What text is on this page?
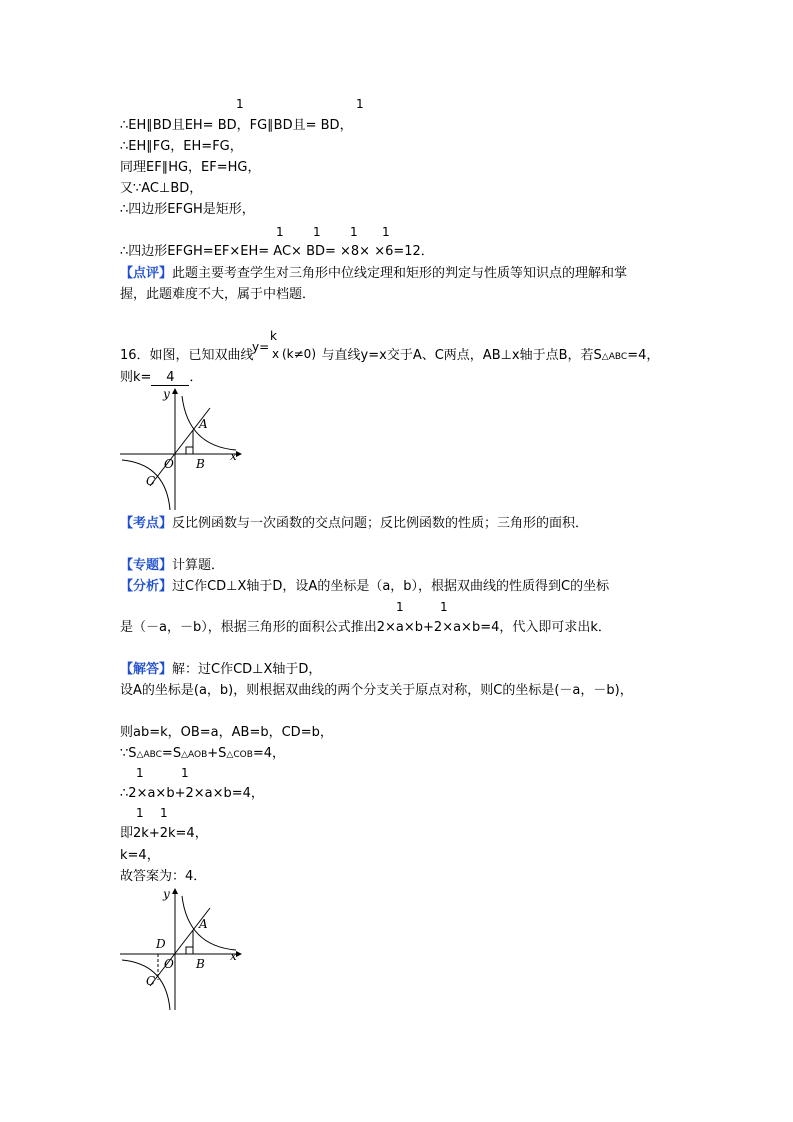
1	1
∴EH∥BD且EH= BD，FG∥BD且= BD，
∴EH∥FG，EH=FG，
同理EF∥HG，EF=HG，
又∵AC⊥BD，
∴四边形EFGH是矩形，
1 1 1 1
∴四边形EFGH=EF×EH= AC× BD= ×8× ×6=12．
【点评】此题主要考查学生对三角形中位线定理和矩形的判定与性质等知识点的理解和掌
握，此题难度不大，属于中档题．
y=
k
x (k≠0)
16．如图，已知双曲线	与直线y=x交于A、C两点，AB⊥x轴于点B，若S△ABC=4，
则k= 4 ．
y
x
A
O B
C
【考点】反比例函数与一次函数的交点问题；反比例函数的性质；三角形的面积．
【专题】计算题．
【分析】过C作CD⊥X轴于D，设A的坐标是（a，b），根据双曲线的性质得到C的坐标
1	1
是（－a，－b），根据三角形的面积公式推出2×a×b+2×a×b=4，代入即可求出k．
【解答】解：过C作CD⊥X轴于D，
设A的坐标是(a，b)，则根据双曲线的两个分支关于原点对称，则C的坐标是(－a，－b)，
则ab=k，OB=a，AB=b，CD=b，
∵S△ABC=S△AOB+S△COB=4，
1	1
∴2×a×b+2×a×b=4，
1 1
即2k+2k=4，
k=4，
故答案为：4．
y
x
A
D
O B
C
